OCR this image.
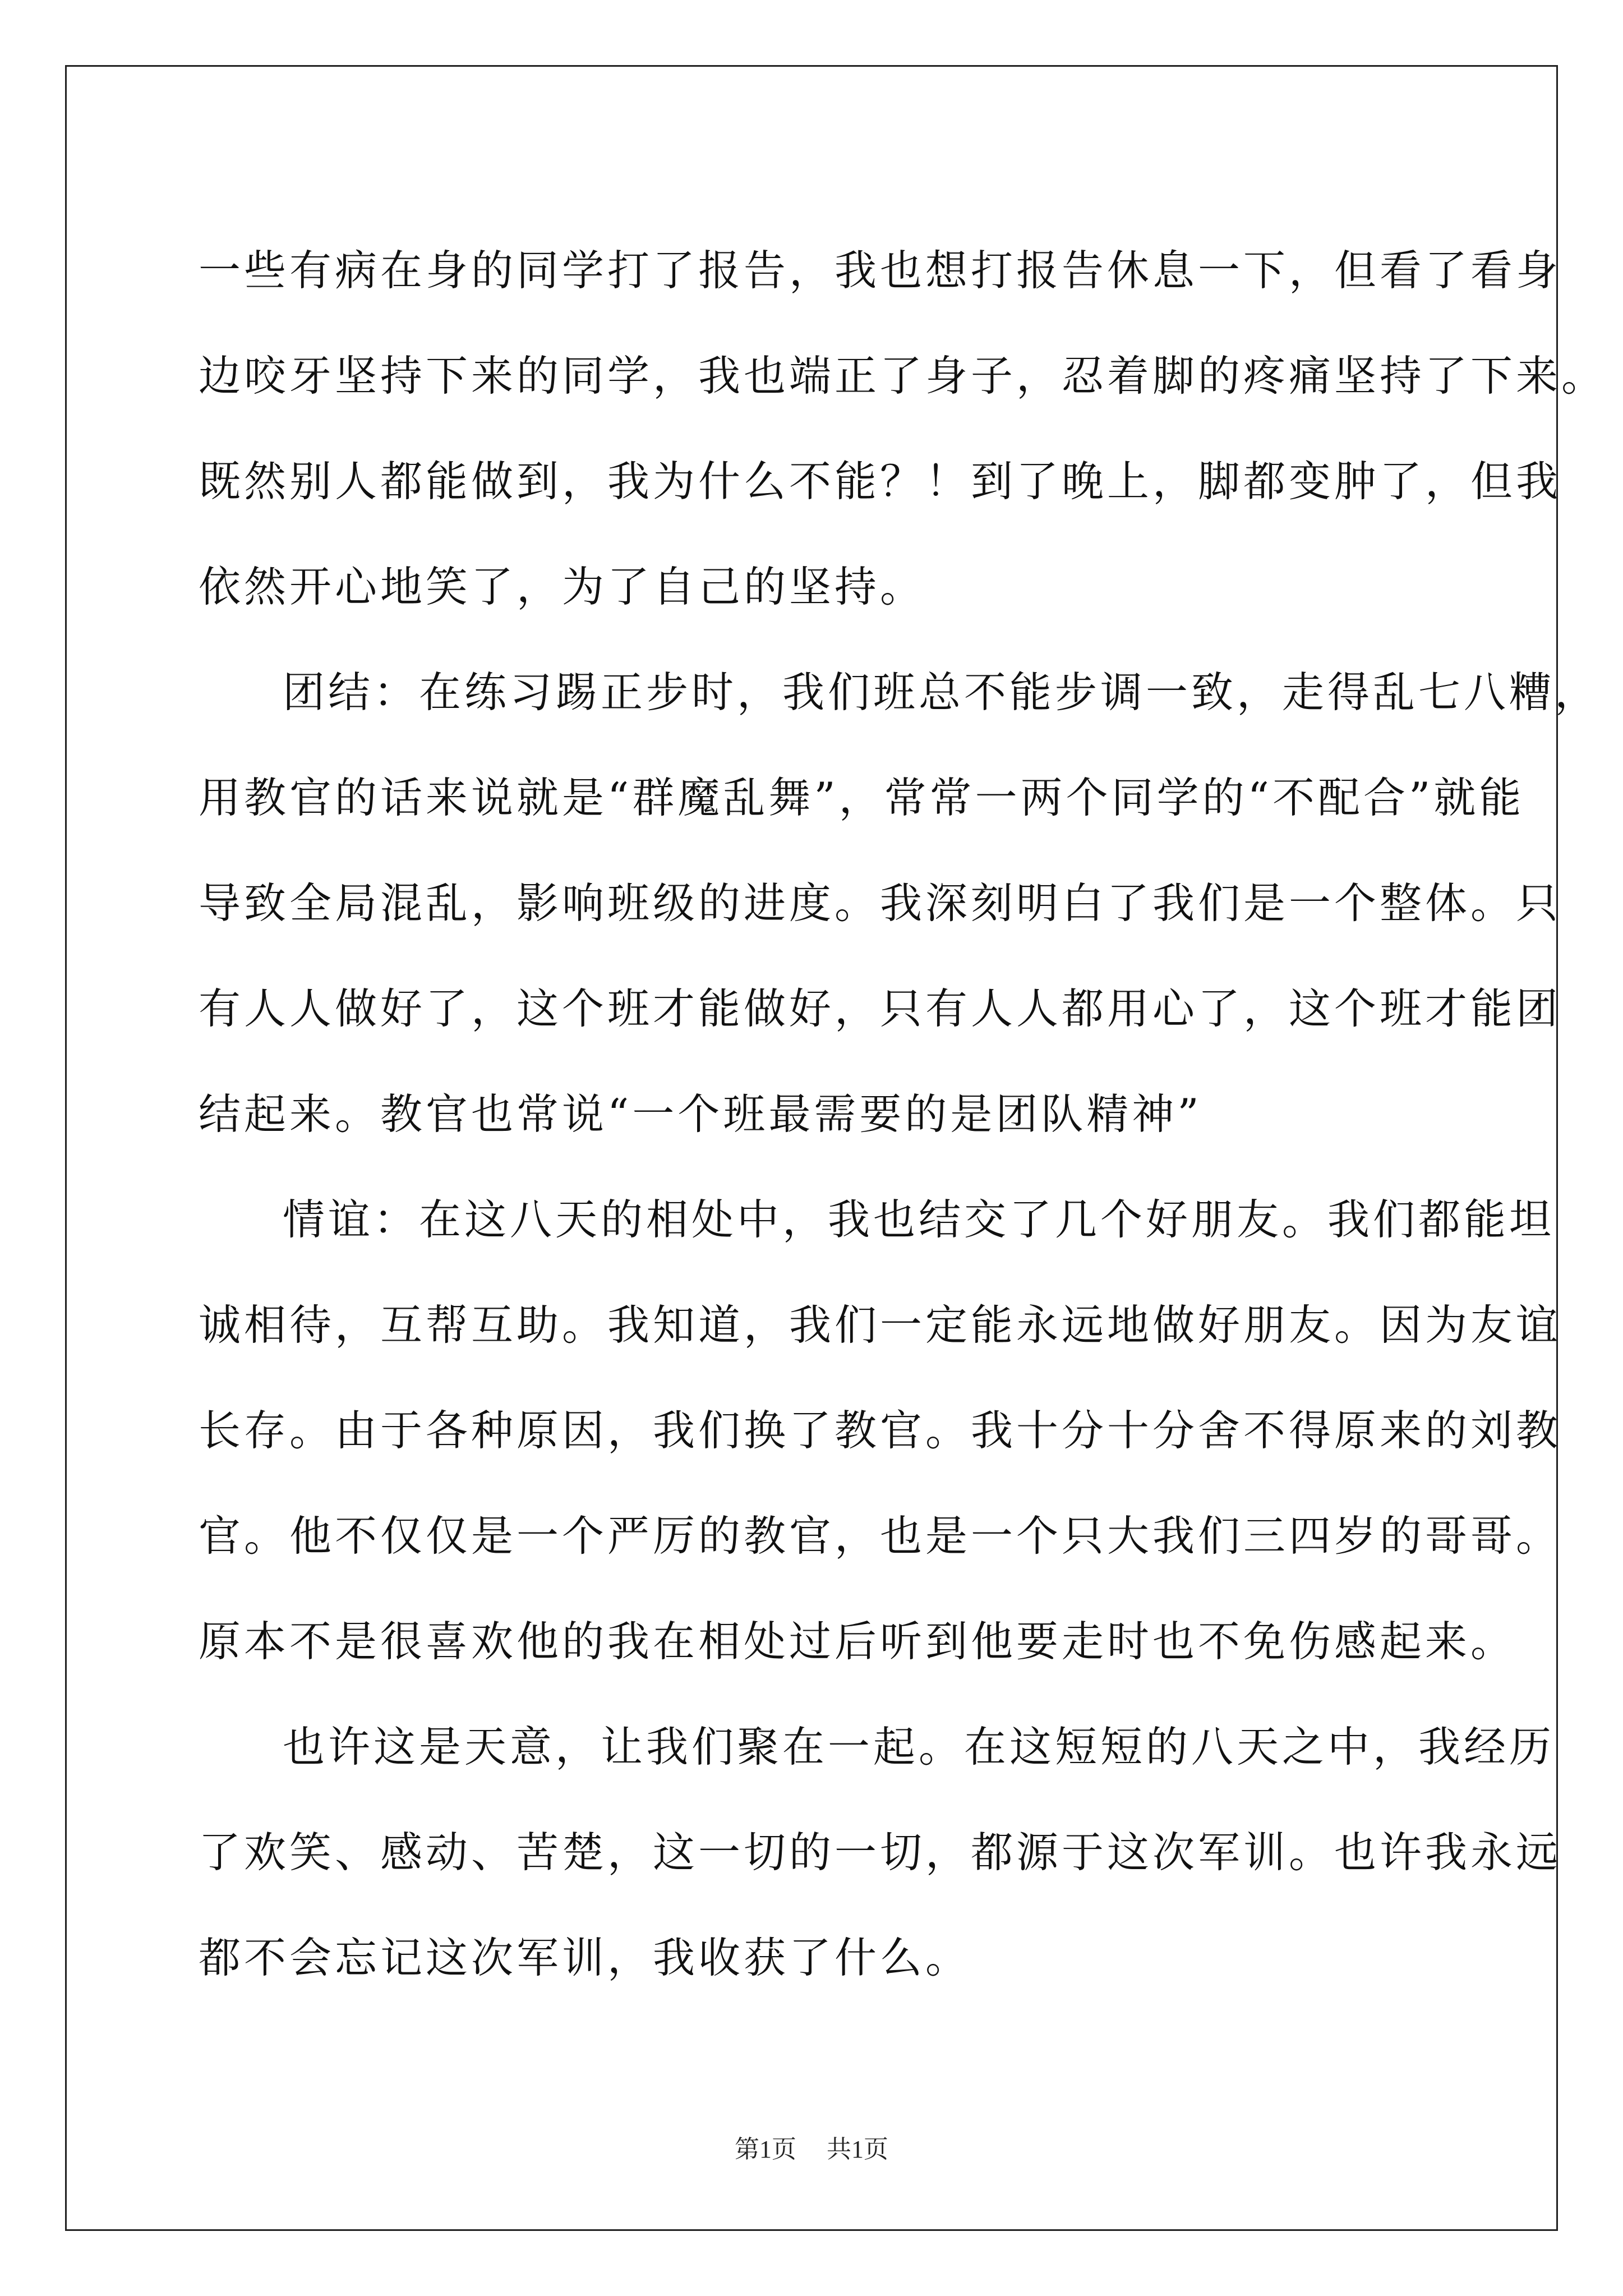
一些有病在身的同学打了报告，我也想打报告休息一下，但看了看身
边咬牙坚持下来的同学，我也端正了身子，忍着脚的疼痛坚持了下来。
既然别人都能做到，我为什么不能？！到了晚上，脚都变肿了，但我
依然开心地笑了，为了自己的坚持。
团结：在练习踢正步时，我们班总不能步调一致，走得乱七八糟，
用教官的话来说就是“群魔乱舞”，常常一两个同学的“不配合”就能
导致全局混乱，影响班级的进度。我深刻明白了我们是一个整体。只
有人人做好了，这个班才能做好，只有人人都用心了，这个班才能团
结起来。教官也常说“一个班最需要的是团队精神”
情谊：在这八天的相处中，我也结交了几个好朋友。我们都能坦
诚相待，互帮互助。我知道，我们一定能永远地做好朋友。因为友谊
长存。由于各种原因，我们换了教官。我十分十分舍不得原来的刘教
官。他不仅仅是一个严厉的教官，也是一个只大我们三四岁的哥哥。
原本不是很喜欢他的我在相处过后听到他要走时也不免伤感起来。
也许这是天意，让我们聚在一起。在这短短的八天之中，我经历
了欢笑、感动、苦楚，这一切的一切，都源于这次军训。也许我永远
都不会忘记这次军训，我收获了什么。
第1页 共1页
